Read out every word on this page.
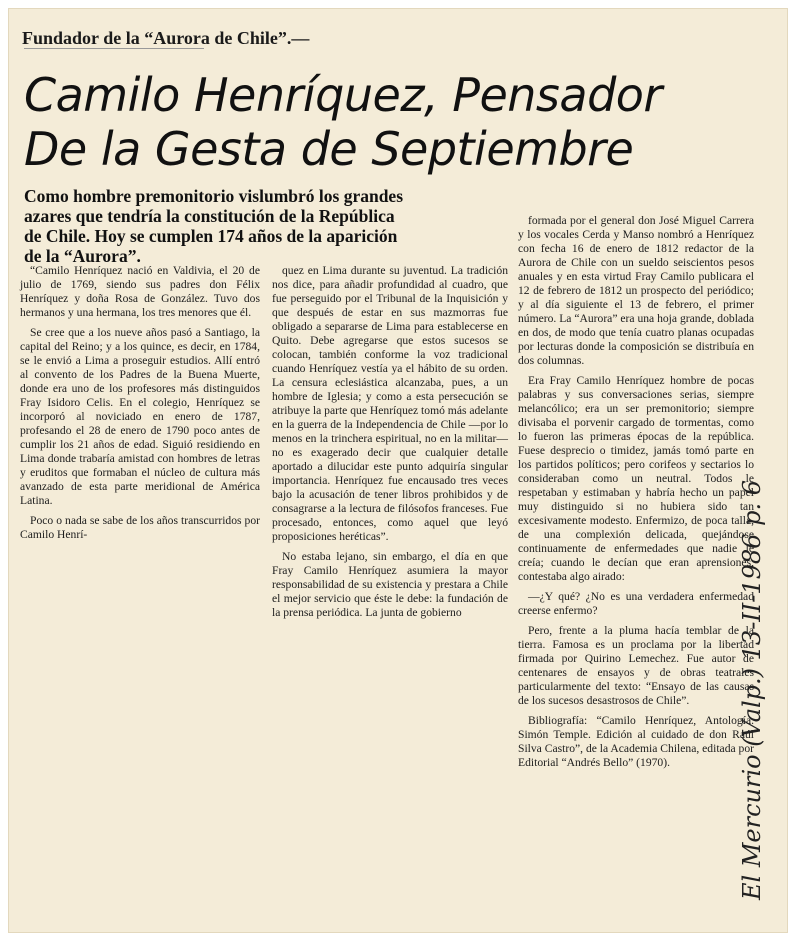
Fundador de la “Aurora de Chile”.—
Camilo Henríquez, Pensador
De la Gesta de Septiembre
Como hombre premonitorio vislumbró los grandes
azares que tendría la constitución de la República
de Chile. Hoy se cumplen 174 años de la aparición
de la “Aurora”.

“Camilo Henríquez nació en Valdivia, el 20 de julio de 1769, siendo sus padres don Félix Henríquez y doña Rosa de González. Tuvo dos hermanos y una hermana, los tres menores que él.

Se cree que a los nueve años pasó a Santiago, la capital del Reino; y a los quince, es decir, en 1784, se le envió a Lima a proseguir estudios. Allí entró al convento de los Padres de la Buena Muerte, donde era uno de los profesores más distinguidos Fray Isidoro Celis. En el colegio, Henríquez se incorporó al noviciado en enero de 1787, profesando el 28 de enero de 1790 poco antes de cumplir los 21 años de edad. Siguió residiendo en Lima donde trabaría amistad con hombres de letras y eruditos que formaban el núcleo de cultura más avanzado de esta parte meridional de América Latina.

Poco o nada se sabe de los años transcurridos por Camilo Henrí-

quez en Lima durante su juventud. La tradición nos dice, para añadir profundidad al cuadro, que fue perseguido por el Tribunal de la Inquisición y que después de estar en sus mazmorras fue obligado a separarse de Lima para establecerse en Quito. Debe agregarse que estos sucesos se colocan, también conforme la voz tradicional cuando Henríquez vestía ya el hábito de su orden. La censura eclesiástica alcanzaba, pues, a un hombre de Iglesia; y como a esta persecución se atribuye la parte que Henríquez tomó más adelante en la guerra de la Independencia de Chile —por lo menos en la trinchera espiritual, no en la militar— no es exagerado decir que cualquier detalle aportado a dilucidar este punto adquiría singular importancia. Henríquez fue encausado tres veces bajo la acusación de tener libros prohibidos y de consagrarse a la lectura de filósofos franceses. Fue procesado, entonces, como aquel que leyó proposiciones heréticas”.

No estaba lejano, sin embargo, el día en que Fray Camilo Henríquez asumiera la mayor responsabilidad de su existencia y prestara a Chile el mejor servicio que éste le debe: la fundación de la prensa periódica. La junta de gobierno

formada por el general don José Miguel Carrera y los vocales Cerda y Manso nombró a Henríquez con fecha 16 de enero de 1812 redactor de la Aurora de Chile con un sueldo seiscientos pesos anuales y en esta virtud Fray Camilo publicara el 12 de febrero de 1812 un prospecto del periódico; y al día siguiente el 13 de febrero, el primer número. La “Aurora” era una hoja grande, doblada en dos, de modo que tenía cuatro planas ocupadas por lecturas donde la composición se distribuía en dos columnas.

Era Fray Camilo Henríquez hombre de pocas palabras y sus conversaciones serias, siempre melancólico; era un ser premonitorio; siempre divisaba el porvenir cargado de tormentas, como lo fueron las primeras épocas de la república. Fuese desprecio o timidez, jamás tomó parte en los partidos políticos; pero corifeos y sectarios lo consideraban como un neutral. Todos le respetaban y estimaban y habría hecho un papel muy distinguido si no hubiera sido tan excesivamente modesto. Enfermizo, de poca talla, de una complexión delicada, quejándose continuamente de enfermedades que nadie le creía; cuando le decían que eran aprensiones, contestaba algo airado:

—¿Y qué? ¿No es una verdadera enfermedad creerse enfermo?

Pero, frente a la pluma hacía temblar de la tierra. Famosa es un proclama por la libertad firmada por Quirino Lemechez. Fue autor de centenares de ensayos y de obras teatrales particularmente del texto: “Ensayo de las causas de los sucesos desastrosos de Chile”.

Bibliografía: “Camilo Henríquez, Antología. Simón Temple. Edición al cuidado de don Raúl Silva Castro”, de la Academia Chilena, editada por Editorial “Andrés Bello” (1970).	El Mercurio (Valp.) 13-II-1986 p. 6
